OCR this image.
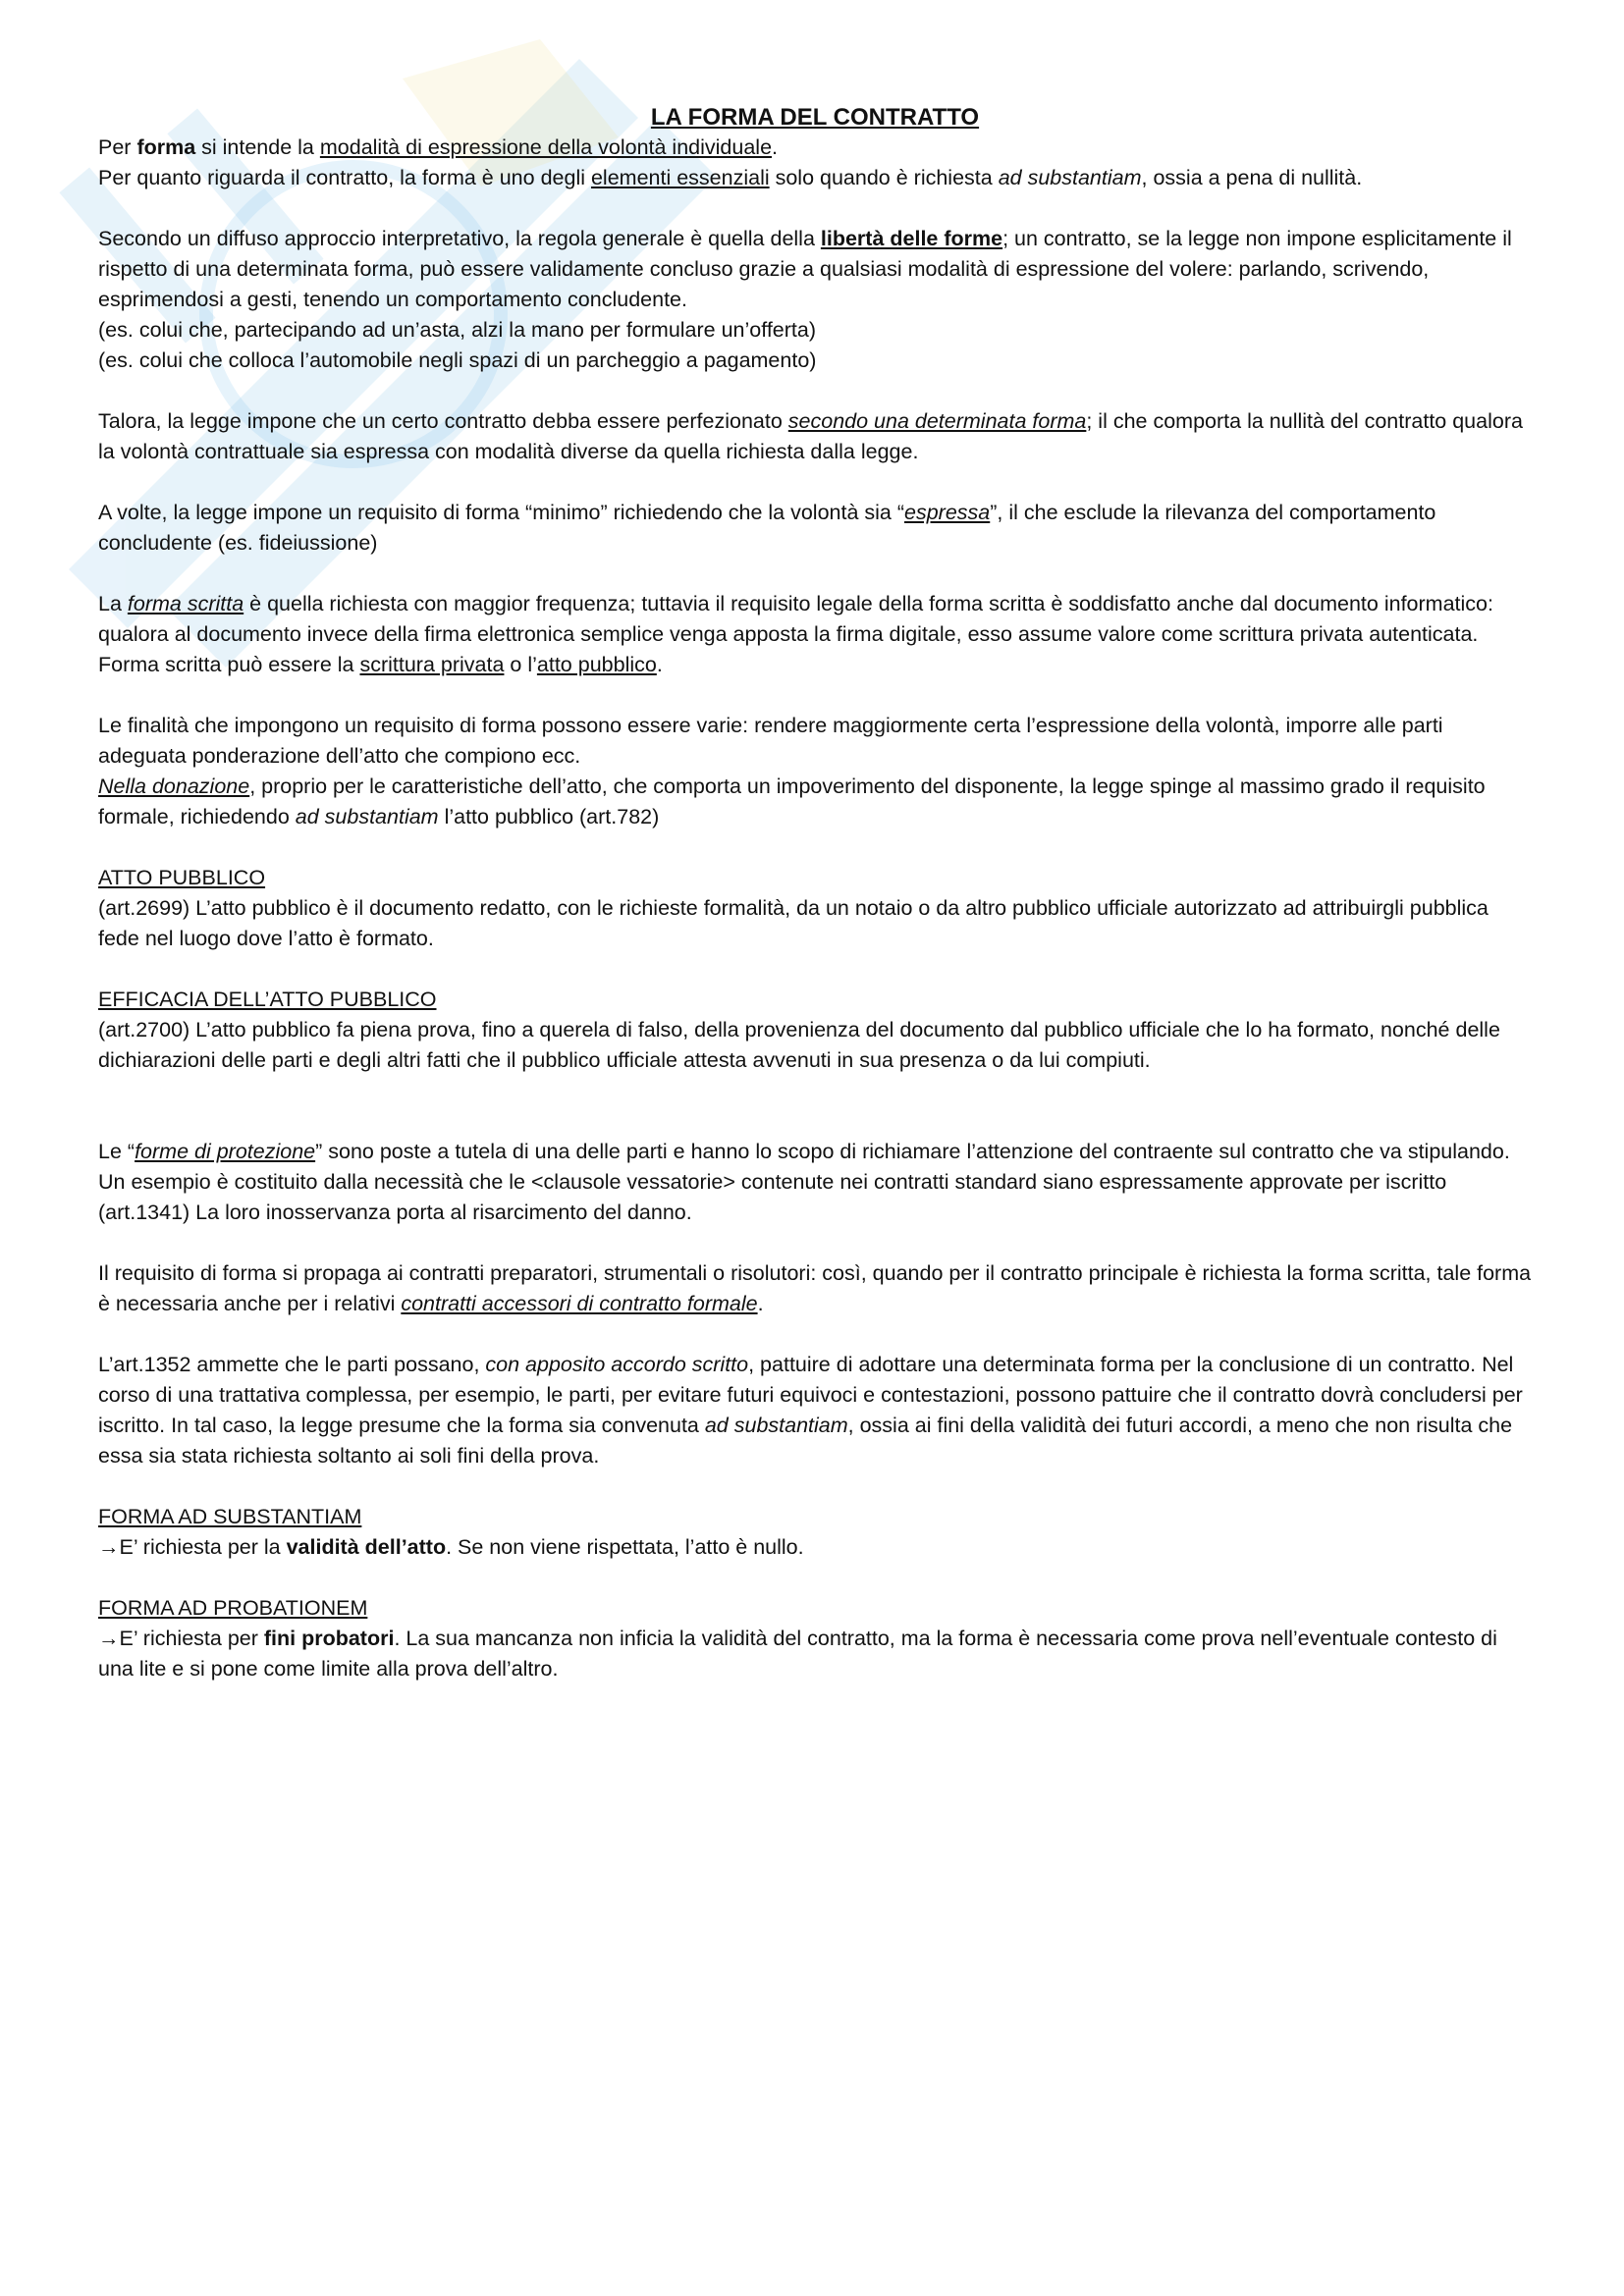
LA FORMA DEL CONTRATTO

Per forma si intende la modalità di espressione della volontà individuale.

Per quanto riguarda il contratto, la forma è uno degli elementi essenziali solo quando è richiesta ad substantiam, ossia a pena di nullità.

Secondo un diffuso approccio interpretativo, la regola generale è quella della libertà delle forme; un contratto, se la legge non impone esplicitamente il rispetto di una determinata forma, può essere validamente concluso grazie a qualsiasi modalità di espressione del volere: parlando, scrivendo, esprimendosi a gesti, tenendo un comportamento concludente.

(es. colui che, partecipando ad un’asta, alzi la mano per formulare un’offerta)

(es. colui che colloca l’automobile negli spazi di un parcheggio a pagamento)

Talora, la legge impone che un certo contratto debba essere perfezionato secondo una determinata forma; il che comporta la nullità del contratto qualora la volontà contrattuale sia espressa con modalità diverse da quella richiesta dalla legge.

A volte, la legge impone un requisito di forma “minimo” richiedendo che la volontà sia “espressa”, il che esclude la rilevanza del comportamento concludente (es. fideiussione)

La forma scritta è quella richiesta con maggior frequenza; tuttavia il requisito legale della forma scritta è soddisfatto anche dal documento informatico: qualora al documento invece della firma elettronica semplice venga apposta la firma digitale, esso assume valore come scrittura privata autenticata. Forma scritta può essere la scrittura privata o l’atto pubblico.

Le finalità che impongono un requisito di forma possono essere varie: rendere maggiormente certa l’espressione della volontà, imporre alle parti adeguata ponderazione dell’atto che compiono ecc.

Nella donazione, proprio per le caratteristiche dell’atto, che comporta un impoverimento del disponente, la legge spinge al massimo grado il requisito formale, richiedendo ad substantiam l’atto pubblico (art.782)

ATTO PUBBLICO

(art.2699) L’atto pubblico è il documento redatto, con le richieste formalità, da un notaio o da altro pubblico ufficiale autorizzato ad attribuirgli pubblica fede nel luogo dove l’atto è formato.

EFFICACIA DELL’ATTO PUBBLICO

(art.2700) L’atto pubblico fa piena prova, fino a querela di falso, della provenienza del documento dal pubblico ufficiale che lo ha formato, nonché delle dichiarazioni delle parti e degli altri fatti che il pubblico ufficiale attesta avvenuti in sua presenza o da lui compiuti.

Le “forme di protezione” sono poste a tutela di una delle parti e hanno lo scopo di richiamare l’attenzione del contraente sul contratto che va stipulando. Un esempio è costituito dalla necessità che le <clausole vessatorie> contenute nei contratti standard siano espressamente approvate per iscritto (art.1341) La loro inosservanza porta al risarcimento del danno.

Il requisito di forma si propaga ai contratti preparatori, strumentali o risolutori: così, quando per il contratto principale è richiesta la forma scritta, tale forma è necessaria anche per i relativi contratti accessori di contratto formale.

L’art.1352 ammette che le parti possano, con apposito accordo scritto, pattuire di adottare una determinata forma per la conclusione di un contratto. Nel corso di una trattativa complessa, per esempio, le parti, per evitare futuri equivoci e contestazioni, possono pattuire che il contratto dovrà concludersi per iscritto. In tal caso, la legge presume che la forma sia convenuta ad substantiam, ossia ai fini della validità dei futuri accordi, a meno che non risulta che essa sia stata richiesta soltanto ai soli fini della prova.

FORMA AD SUBSTANTIAM

→E’ richiesta per la validità dell’atto. Se non viene rispettata, l’atto è nullo.

FORMA AD PROBATIONEM

→E’ richiesta per fini probatori. La sua mancanza non inficia la validità del contratto, ma la forma è necessaria come prova nell’eventuale contesto di una lite e si pone come limite alla prova dell’altro.
